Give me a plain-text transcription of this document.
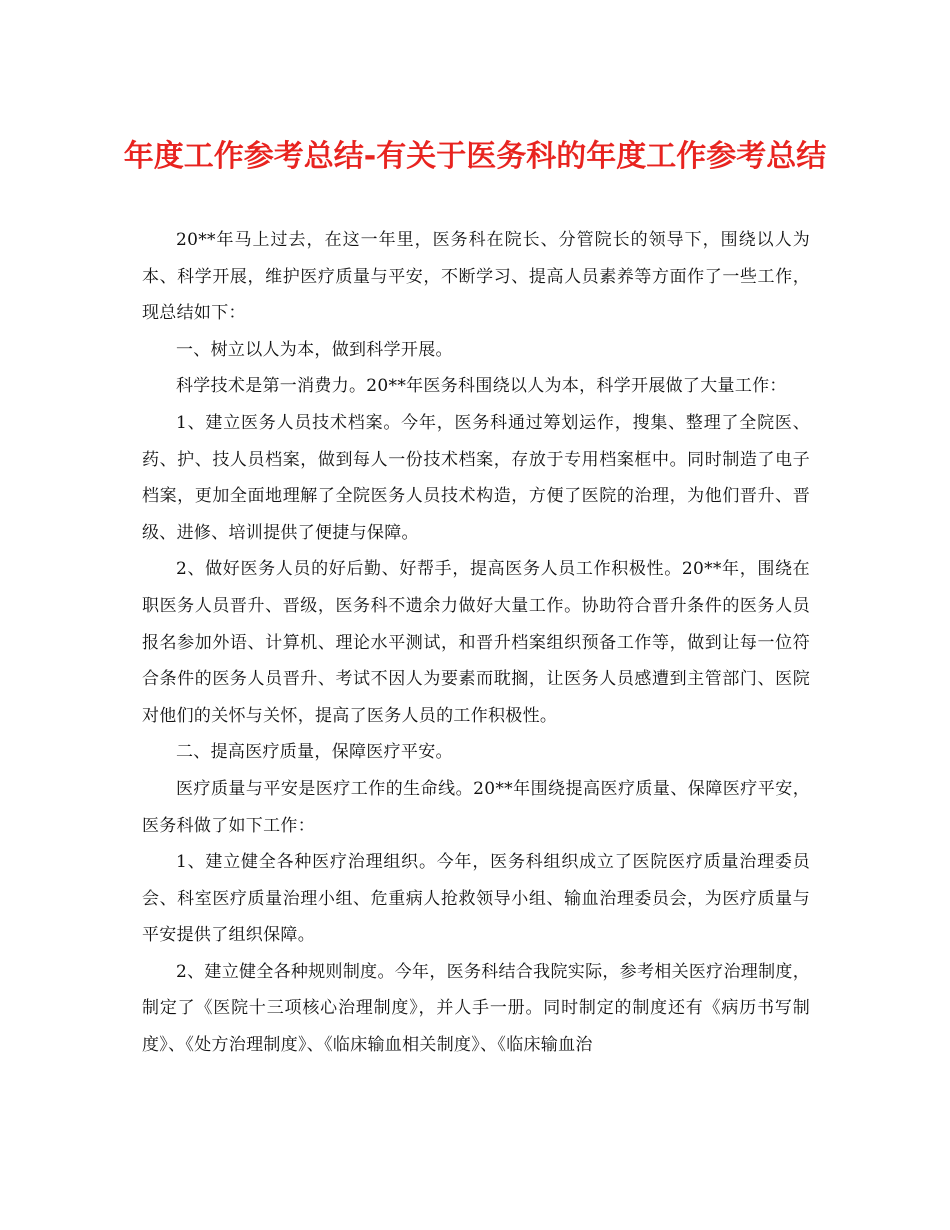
年度工作参考总结-有关于医务科的年度工作参考总结

20**年马上过去，在这一年里，医务科在院长、分管院长的领导下，围绕以人为本、科学开展，维护医疗质量与平安，不断学习、提高人员素养等方面作了一些工作，现总结如下：

一、树立以人为本，做到科学开展。

科学技术是第一消费力。20**年医务科围绕以人为本，科学开展做了大量工作：

1、建立医务人员技术档案。今年，医务科通过筹划运作，搜集、整理了全院医、药、护、技人员档案，做到每人一份技术档案，存放于专用档案框中。同时制造了电子档案，更加全面地理解了全院医务人员技术构造，方便了医院的治理，为他们晋升、晋级、进修、培训提供了便捷与保障。

2、做好医务人员的好后勤、好帮手，提高医务人员工作积极性。20**年，围绕在职医务人员晋升、晋级，医务科不遗余力做好大量工作。协助符合晋升条件的医务人员报名参加外语、计算机、理论水平测试，和晋升档案组织预备工作等，做到让每一位符合条件的医务人员晋升、考试不因人为要素而耽搁，让医务人员感遭到主管部门、医院对他们的关怀与关怀，提高了医务人员的工作积极性。

二、提高医疗质量，保障医疗平安。

医疗质量与平安是医疗工作的生命线。20**年围绕提高医疗质量、保障医疗平安，医务科做了如下工作：

1、建立健全各种医疗治理组织。今年，医务科组织成立了医院医疗质量治理委员会、科室医疗质量治理小组、危重病人抢救领导小组、输血治理委员会，为医疗质量与平安提供了组织保障。

2、建立健全各种规则制度。今年，医务科结合我院实际，参考相关医疗治理制度，制定了《医院十三项核心治理制度》，并人手一册。同时制定的制度还有《病历书写制度》、《处方治理制度》、《临床输血相关制度》、《临床输血治
